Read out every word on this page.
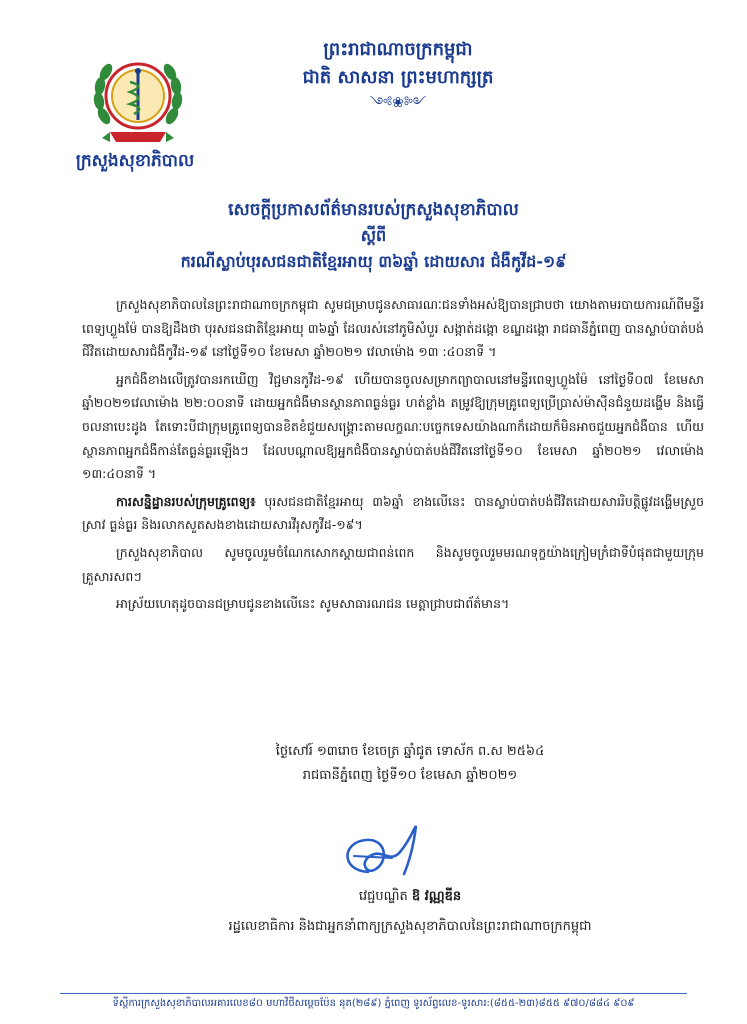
ក្រសួងសុខាភិបាល
ព្រះរាជាណាចក្រកម្ពុជា
ជាតិ សាសនា ព្រះមហាក្សត្រ
༺❀༻
សេចក្តីប្រកាសព័ត៌មានរបស់ក្រសួងសុខាភិបាល
ស្តីពី
ករណីស្លាប់បុរសជនជាតិខ្មែរអាយុ ៣៦ឆ្នាំ ដោយសារ ជំងឺកូវីដ-១៩

ក្រសួងសុខាភិបាលនៃព្រះរាជាណាចក្រកម្ពុជា សូមជម្រាបជូនសាធារណៈជនទាំងអស់ឱ្យបានជ្រាបថា យោងតាមរបាយការណ៍ពីមន្ទីរពេទ្យហ្លួងម៉ែ បានឱ្យដឹងថា បុរសជនជាតិខ្មែរអាយុ ៣៦ឆ្នាំ ដែលរស់នៅភូមិសំបួរ សង្កាត់ដង្កោ ខណ្ឌដង្កោ រាជធានីភ្នំពេញ បានស្លាប់បាត់បង់ជីវិតដោយសារជំងឺកូវីដ-១៩ នៅថ្ងៃទី១០ ខែមេសា ឆ្នាំ២០២១ វេលាម៉ោង ១៣ :៤០នាទី ។

អ្នកជំងឺខាងលើត្រូវបានរកឃើញ វិជ្ជមានកូវីដ-១៩ ហើយបានចូលសម្រាកព្យាបាលនៅមន្ទីរពេទ្យហ្លួងម៉ែ នៅថ្ងៃទី០៧ ខែមេសា ឆ្នាំ២០២១វេលាម៉ោង ២២:០០នាទី ដោយអ្នកជំងឺមានស្ថានភាពធ្ងន់ធ្ងរ ហត់ខ្លាំង តម្រូវឱ្យក្រុមគ្រូពេទ្យប្រើប្រាស់ម៉ាស៊ីនជំនួយដង្ហើម និងធ្វើចលនាបេះដូង តែទោះបីជាក្រុមគ្រូពេទ្យបានខិតខំជួយសង្គ្រោះតាមលក្ខណៈបច្ចេកទេសយ៉ាងណាក៏ដោយក៏មិនអាចជួយអ្នកជំងឺបាន ហើយស្ថានភាពអ្នកជំងឺកាន់តែធ្ងន់ធ្ងរឡើងៗ ដែលបណ្តាលឱ្យអ្នកជំងឺបានស្លាប់បាត់បង់ជីវិតនៅថ្ងៃទី១០ ខែមេសា ឆ្នាំ២០២១ វេលាម៉ោង ១៣:៤០នាទី ។

ការសន្និដ្ឋានរបស់ក្រុមគ្រូពេទ្យ៖ បុរសជនជាតិខ្មែរអាយុ ៣៦ឆ្នាំ ខាងលើនេះ បានស្លាប់បាត់បង់ជីវិតដោយសាររិបត្តិផ្លូវដង្ហើមស្រួចស្រាវ ធ្ងន់ធ្ងរ និងរលាកសួតសងខាងដោយសារវីរុសកូវីដ-១៩។

ក្រសួងសុខាភិបាល សូមចូលរួមចំណែកសោកស្តាយជាពន់ពេក និងសូមចូលរួមមរណទុក្ខយ៉ាងក្រៀមក្រំជាទីបំផុតជាមួយក្រុមគ្រួសារសពៗ

អាស្រ័យហេតុដូចបានជម្រាបជូនខាងលើនេះ សូមសាធារណជន មេត្តាជ្រាបជាព័ត៌មាន។

ថ្ងៃសៅរ៍ ១៣រោច ខែចេត្រ ឆ្នាំជូត ទោស័ក ព.ស ២៥៦៤
រាជធានីភ្នំពេញ ថ្ងៃទី១០ ខែមេសា ឆ្នាំ២០២១
វេជ្ជបណ្ឌិត ឱ វណ្ណឌីន
រដ្ឋលេខាធិការ និងជាអ្នកនាំពាក្យក្រសួងសុខាភិបាលនៃព្រះរាជាណាចក្រកម្ពុជា
ទីស្តីការក្រសួងសុខាភិបាលអគារលេខ៨០ មហាវិថីសម្តេចប៉ែន នុត(២៨៩) ភ្នំពេញ ទូរស័ព្ទលេខ-ទូរសារ:(៨៥៥-២៣)៨៥៥ ៩៧០/៨៨៤ ៩០៩
